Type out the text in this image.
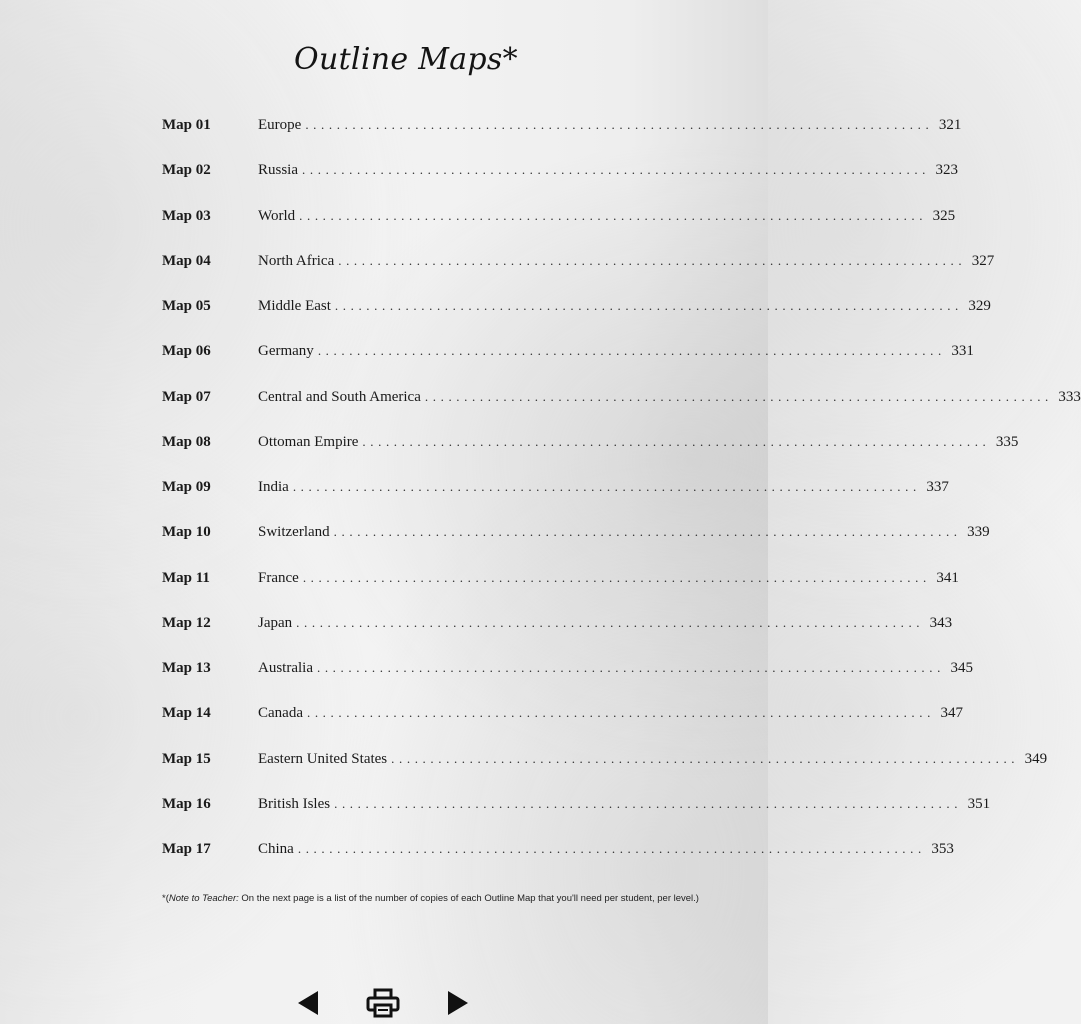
Outline Maps*
Map 01	Europe ................................................................................ 321
Map 02	Russia ................................................................................ 323
Map 03	World ................................................................................ 325
Map 04	North Africa ................................................................................ 327
Map 05	Middle East ................................................................................ 329
Map 06	Germany ................................................................................ 331
Map 07	Central and South America ................................................................................ 333
Map 08	Ottoman Empire ................................................................................ 335
Map 09	India ................................................................................ 337
Map 10	Switzerland ................................................................................ 339
Map 11	France ................................................................................ 341
Map 12	Japan ................................................................................ 343
Map 13	Australia ................................................................................ 345
Map 14	Canada ................................................................................ 347
Map 15	Eastern United States ................................................................................ 349
Map 16	British Isles ................................................................................ 351
Map 17	China ................................................................................ 353
*(Note to Teacher: On the next page is a list of the number of copies of each Outline Map that you'll need per student, per level.)
